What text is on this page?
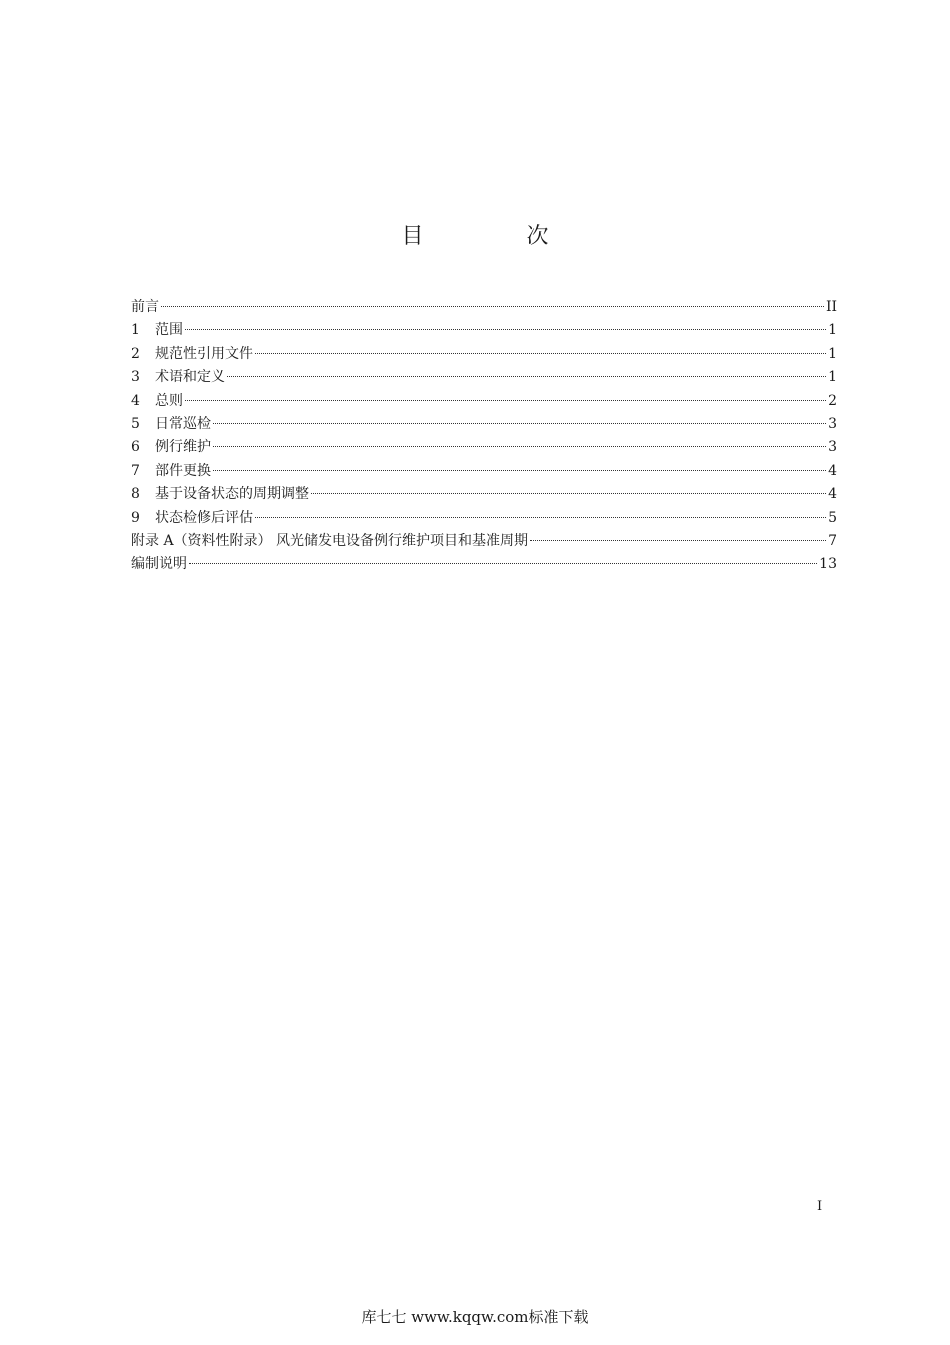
目 次
前言	II
1	范围	1
2	规范性引用文件	1
3	术语和定义	1
4	总则	2
5	日常巡检	3
6	例行维护	3
7	部件更换	4
8	基于设备状态的周期调整	4
9	状态检修后评估	5
附录 A（资料性附录） 风光储发电设备例行维护项目和基准周期	7
编制说明	13
I
库七七 www.kqqw.com标准下载
